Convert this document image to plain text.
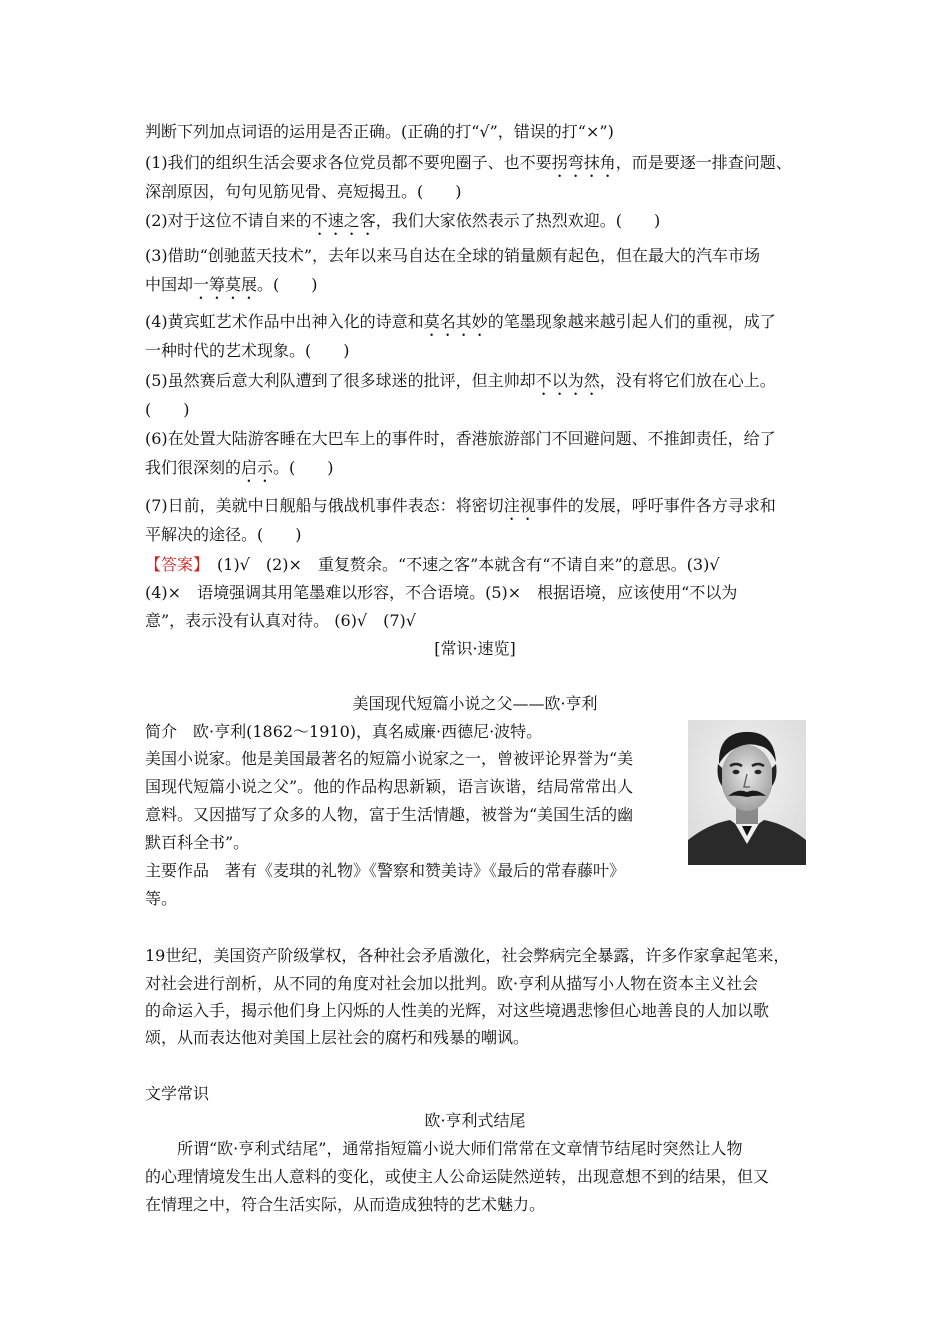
判断下列加点词语的运用是否正确。(正确的打“√”，错误的打“×”)
(1)我们的组织生活会要求各位党员都不要兜圈子、也不要拐弯抹角，而是要逐一排查问题、
深剖原因，句句见筋见骨、亮短揭丑。(　　)
(2)对于这位不请自来的不速之客，我们大家依然表示了热烈欢迎。(　　)
(3)借助“创驰蓝天技术”，去年以来马自达在全球的销量颇有起色，但在最大的汽车市场
中国却一筹莫展。(　　)
(4)黄宾虹艺术作品中出神入化的诗意和莫名其妙的笔墨现象越来越引起人们的重视，成了
一种时代的艺术现象。(　　)
(5)虽然赛后意大利队遭到了很多球迷的批评，但主帅却不以为然，没有将它们放在心上。
(　　)
(6)在处置大陆游客睡在大巴车上的事件时，香港旅游部门不回避问题、不推卸责任，给了
我们很深刻的启示。(　　)
(7)日前，美就中日舰船与俄战机事件表态：将密切注视事件的发展，呼吁事件各方寻求和
平解决的途径。(　　)
【答案】　(1)√　(2)×　重复赘余。“不速之客”本就含有“不请自来”的意思。(3)√
(4)×　语境强调其用笔墨难以形容，不合语境。(5)×　根据语境，应该使用“不以为
意”，表示没有认真对待。 (6)√　(7)√
[常识·速览]
美国现代短篇小说之父——欧·亨利
简介　欧·亨利(1862～1910)，真名威廉·西德尼·波特。
美国小说家。他是美国最著名的短篇小说家之一，曾被评论界誉为“美
国现代短篇小说之父”。他的作品构思新颖，语言诙谐，结局常常出人
意料。又因描写了众多的人物，富于生活情趣，被誉为“美国生活的幽
默百科全书”。
主要作品　著有《麦琪的礼物》《警察和赞美诗》《最后的常春藤叶》
等。
19世纪，美国资产阶级掌权，各种社会矛盾激化，社会弊病完全暴露，许多作家拿起笔来，
对社会进行剖析，从不同的角度对社会加以批判。欧·亨利从描写小人物在资本主义社会
的命运入手，揭示他们身上闪烁的人性美的光辉，对这些境遇悲惨但心地善良的人加以歌
颂，从而表达他对美国上层社会的腐朽和残暴的嘲讽。
文学常识
欧·亨利式结尾
　　所谓“欧·亨利式结尾”，通常指短篇小说大师们常常在文章情节结尾时突然让人物
的心理情境发生出人意料的变化，或使主人公命运陡然逆转，出现意想不到的结果，但又
在情理之中，符合生活实际，从而造成独特的艺术魅力。
